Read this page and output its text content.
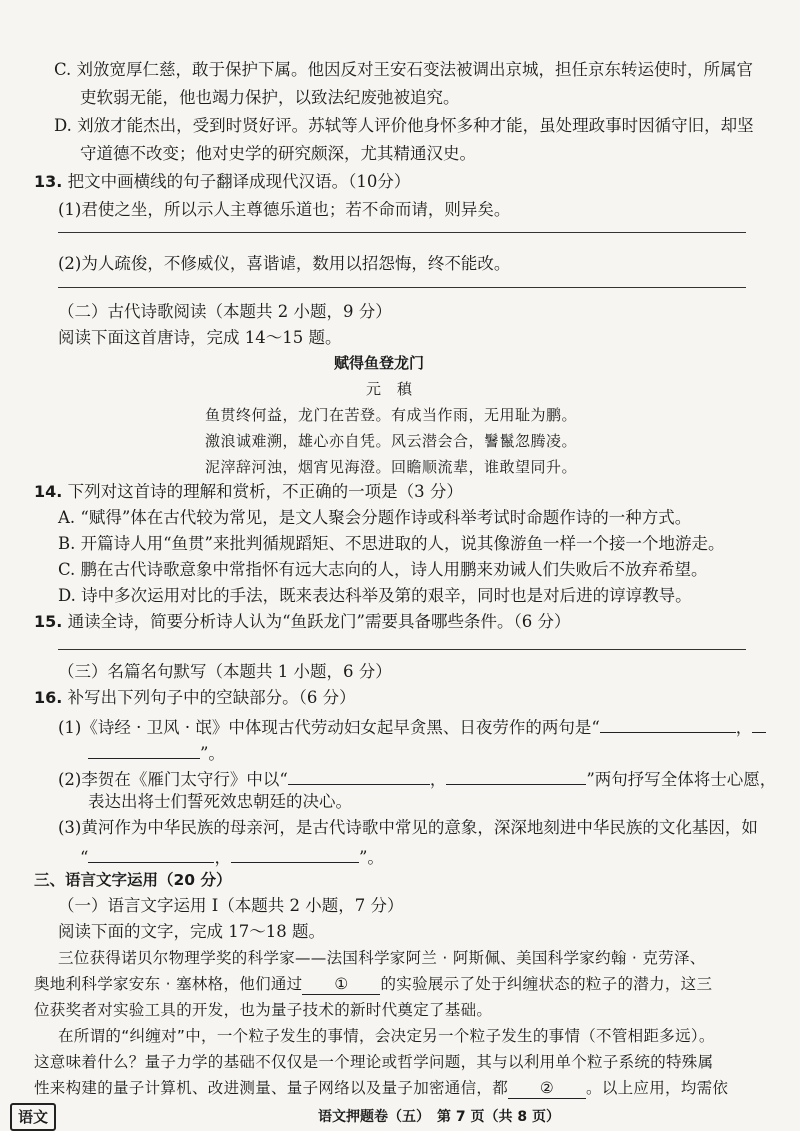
C. 刘攽宽厚仁慈，敢于保护下属。他因反对王安石变法被调出京城，担任京东转运使时，所属官
吏软弱无能，他也竭力保护，以致法纪废弛被追究。
D. 刘攽才能杰出，受到时贤好评。苏轼等人评价他身怀多种才能，虽处理政事时因循守旧，却坚
守道德不改变；他对史学的研究颇深，尤其精通汉史。
13. 把文中画横线的句子翻译成现代汉语。（10分）
(1)君使之坐，所以示人主尊德乐道也；若不命而请，则异矣。
(2)为人疏俊，不修威仪，喜谐谑，数用以招怨悔，终不能改。
（二）古代诗歌阅读（本题共 2 小题，9 分）
阅读下面这首唐诗，完成 14～15 题。
赋得鱼登龙门
元　稹
鱼贯终何益，龙门在苦登。有成当作雨，无用耻为鹏。
激浪诚难溯，雄心亦自凭。风云潜会合，鬐鬣忽腾凌。
泥滓辞河浊，烟宵见海澄。回瞻顺流辈，谁敢望同升。
14. 下列对这首诗的理解和赏析，不正确的一项是（3 分）
A. “赋得”体在古代较为常见，是文人聚会分题作诗或科举考试时命题作诗的一种方式。
B. 开篇诗人用“鱼贯”来批判循规蹈矩、不思进取的人，说其像游鱼一样一个接一个地游走。
C. 鹏在古代诗歌意象中常指怀有远大志向的人，诗人用鹏来劝诫人们失败后不放弃希望。
D. 诗中多次运用对比的手法，既来表达科举及第的艰辛，同时也是对后进的谆谆教导。
15. 通读全诗，简要分析诗人认为“鱼跃龙门”需要具备哪些条件。（6 分）
（三）名篇名句默写（本题共 1 小题，6 分）
16. 补写出下列句子中的空缺部分。（6 分）
(1)《诗经 · 卫风 · 氓》中体现古代劳动妇女起早贪黑、日夜劳作的两句是“	，
”。
(2)李贺在《雁门太守行》中以“	，	”两句抒写全体将士心愿，
表达出将士们誓死效忠朝廷的决心。
(3)黄河作为中华民族的母亲河，是古代诗歌中常见的意象，深深地刻进中华民族的文化基因，如
“	，	”。
三、语言文字运用（20 分）
（一）语言文字运用 Ⅰ（本题共 2 小题，7 分）
阅读下面的文字，完成 17～18 题。
三位获得诺贝尔物理学奖的科学家——法国科学家阿兰 · 阿斯佩、美国科学家约翰 · 克劳泽、
奥地利科学家安东 · 塞林格，他们通过 ① 的实验展示了处于纠缠状态的粒子的潜力，这三
位获奖者对实验工具的开发，也为量子技术的新时代奠定了基础。
在所谓的“纠缠对”中，一个粒子发生的事情，会决定另一个粒子发生的事情（不管相距多远）。
这意味着什么？量子力学的基础不仅仅是一个理论或哲学问题，其与以利用单个粒子系统的特殊属
性来构建的量子计算机、改进测量、量子网络以及量子加密通信，都 ② 。以上应用，均需依
语文	语文押题卷（五）　第 7 页（共 8 页）
